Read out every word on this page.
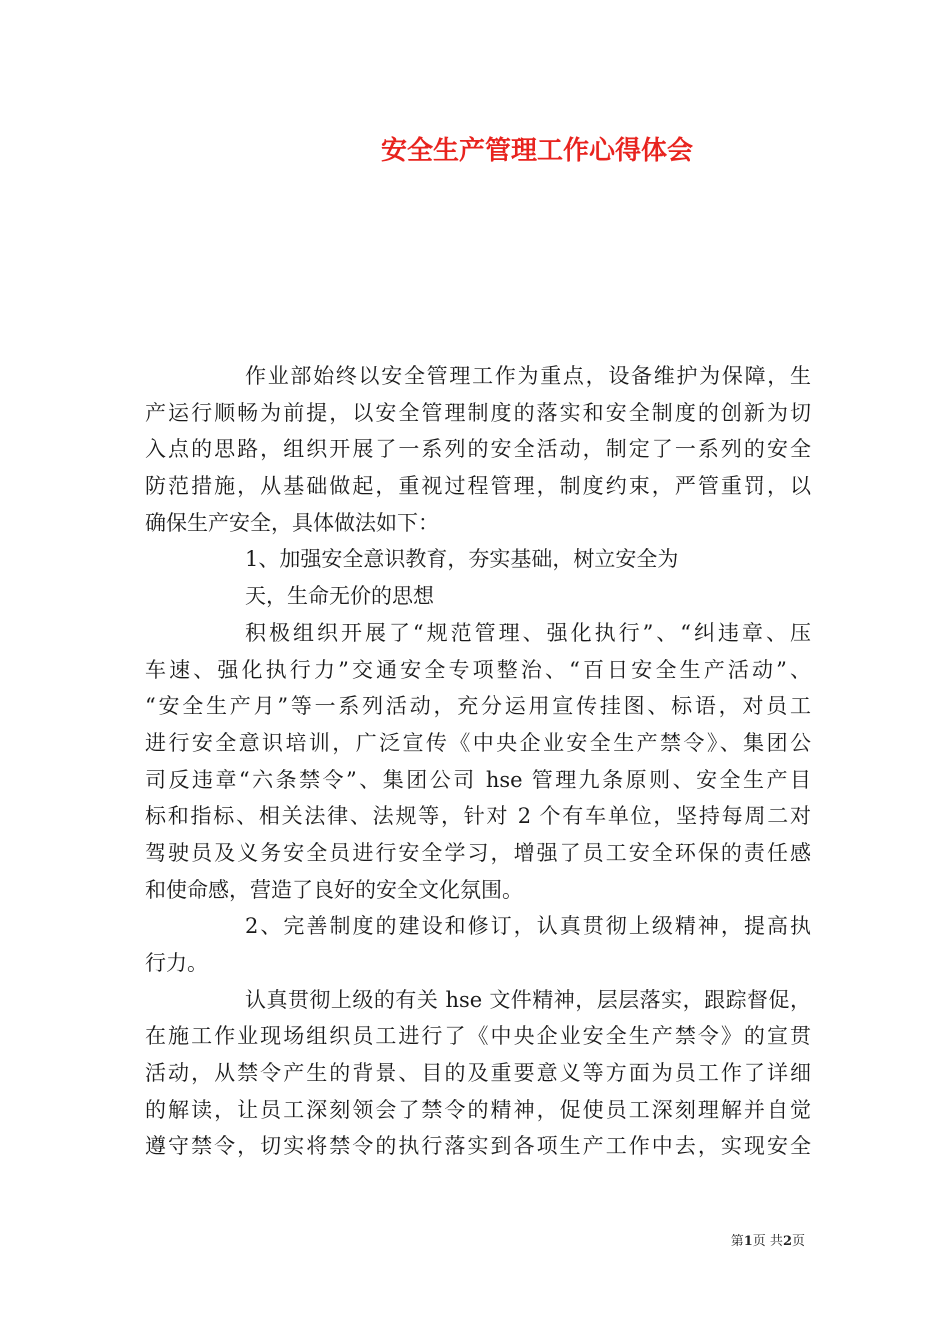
安全生产管理工作心得体会
作业部始终以安全管理工作为重点，设备维护为保障，生
产运行顺畅为前提，以安全管理制度的落实和安全制度的创新为切
入点的思路，组织开展了一系列的安全活动，制定了一系列的安全
防范措施，从基础做起，重视过程管理，制度约束，严管重罚，以
确保生产安全，具体做法如下：
1、加强安全意识教育，夯实基础，树立安全为
天，生命无价的思想
积极组织开展了“规范管理、强化执行”、“纠违章、压
车速、强化执行力”交通安全专项整治、“百日安全生产活动”、
“安全生产月”等一系列活动，充分运用宣传挂图、标语，对员工
进行安全意识培训，广泛宣传《中央企业安全生产禁令》、集团公
司反违章“六条禁令”、集团公司 hse 管理九条原则、安全生产目
标和指标、相关法律、法规等，针对 2 个有车单位，坚持每周二对
驾驶员及义务安全员进行安全学习，增强了员工安全环保的责任感
和使命感，营造了良好的安全文化氛围。
2、完善制度的建设和修订，认真贯彻上级精神，提高执
行力。
认真贯彻上级的有关 hse 文件精神，层层落实，跟踪督促，
在施工作业现场组织员工进行了《中央企业安全生产禁令》的宣贯
活动，从禁令产生的背景、目的及重要意义等方面为员工作了详细
的解读，让员工深刻领会了禁令的精神，促使员工深刻理解并自觉
遵守禁令，切实将禁令的执行落实到各项生产工作中去，实现安全
第1页 共2页
